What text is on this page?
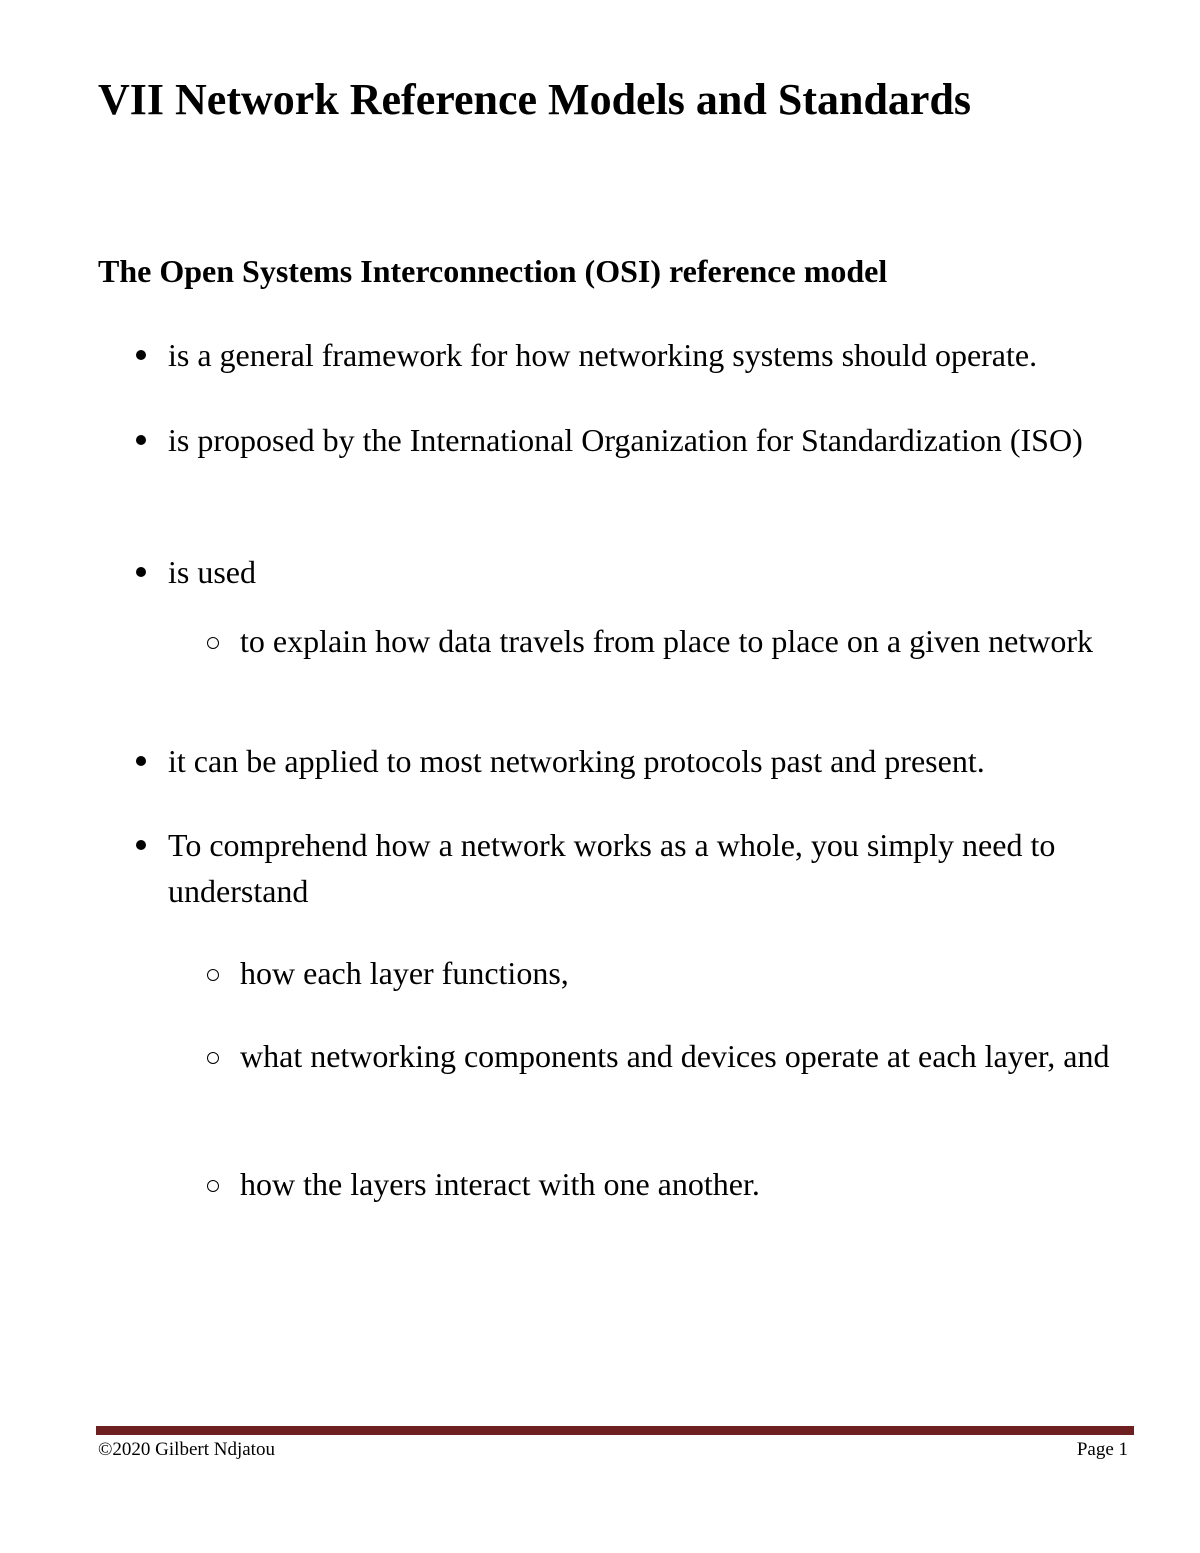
VII Network Reference Models and Standards
The Open Systems Interconnection (OSI) reference model
is a general framework for how networking systems should operate.
is proposed by the International Organization for Standardization (ISO)
is used
to explain how data travels from place to place on a given network
it can be applied to most networking protocols past and present.
To comprehend how a network works as a whole, you simply need to understand
how each layer functions,
what networking components and devices operate at each layer, and
how the layers interact with one another.
©2020 Gilbert Ndjatou	Page 1
